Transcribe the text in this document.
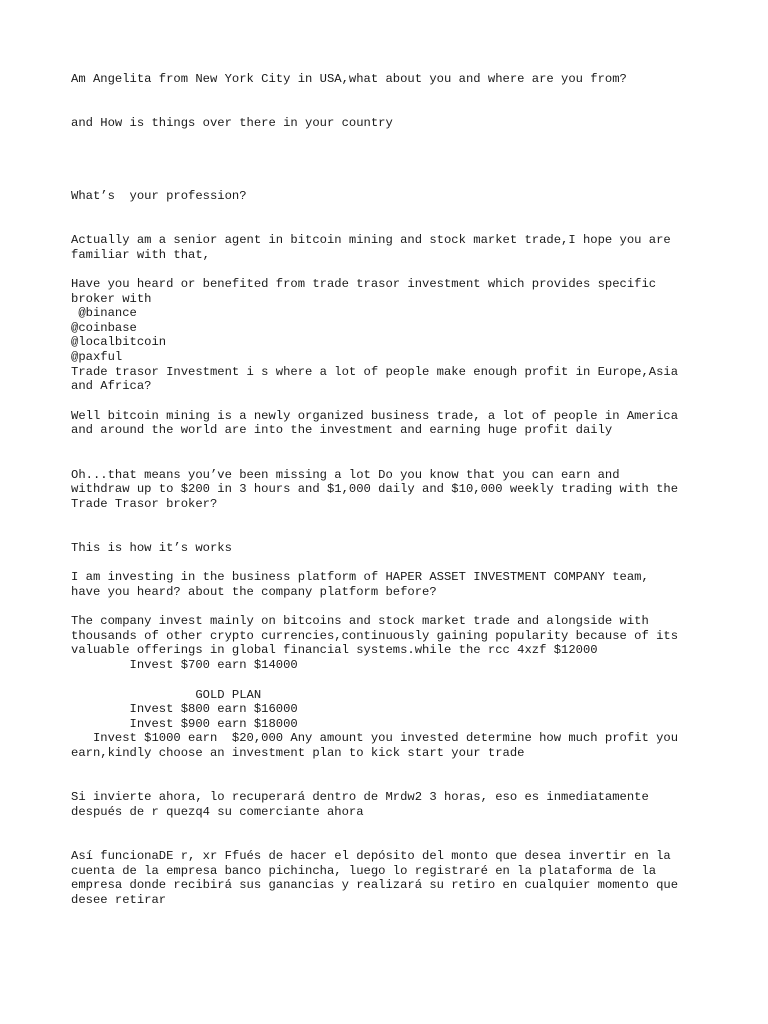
Am Angelita from New York City in USA,what about you and where are you from?

and How is things over there in your country

What’s  your profession?

Actually am a senior agent in bitcoin mining and stock market trade,I hope you are

familiar with that,

Have you heard or benefited from trade trasor investment which provides specific

broker with

@binance

@coinbase

@localbitcoin

@paxful

Trade trasor Investment i s where a lot of people make enough profit in Europe,Asia

and Africa?

Well bitcoin mining is a newly organized business trade, a lot of people in America

and around the world are into the investment and earning huge profit daily

Oh...that means you’ve been missing a lot Do you know that you can earn and

withdraw up to $200 in 3 hours and $1,000 daily and $10,000 weekly trading with the

Trade Trasor broker?

This is how it’s works

I am investing in the business platform of HAPER ASSET INVESTMENT COMPANY team,

have you heard? about the company platform before?

The company invest mainly on bitcoins and stock market trade and alongside with

thousands of other crypto currencies,continuously gaining popularity because of its

valuable offerings in global financial systems.while the rcc 4xzf $12000

Invest $700 earn $14000

GOLD PLAN

Invest $800 earn $16000

Invest $900 earn $18000

Invest $1000 earn  $20,000 Any amount you invested determine how much profit you

earn,kindly choose an investment plan to kick start your trade

Si invierte ahora, lo recuperará dentro de Mrdw2 3 horas, eso es inmediatamente

después de r quezq4 su comerciante ahora

Así funcionaDE r, xr Ffués de hacer el depósito del monto que desea invertir en la

cuenta de la empresa banco pichincha, luego lo registraré en la plataforma de la

empresa donde recibirá sus ganancias y realizará su retiro en cualquier momento que

desee retirar
